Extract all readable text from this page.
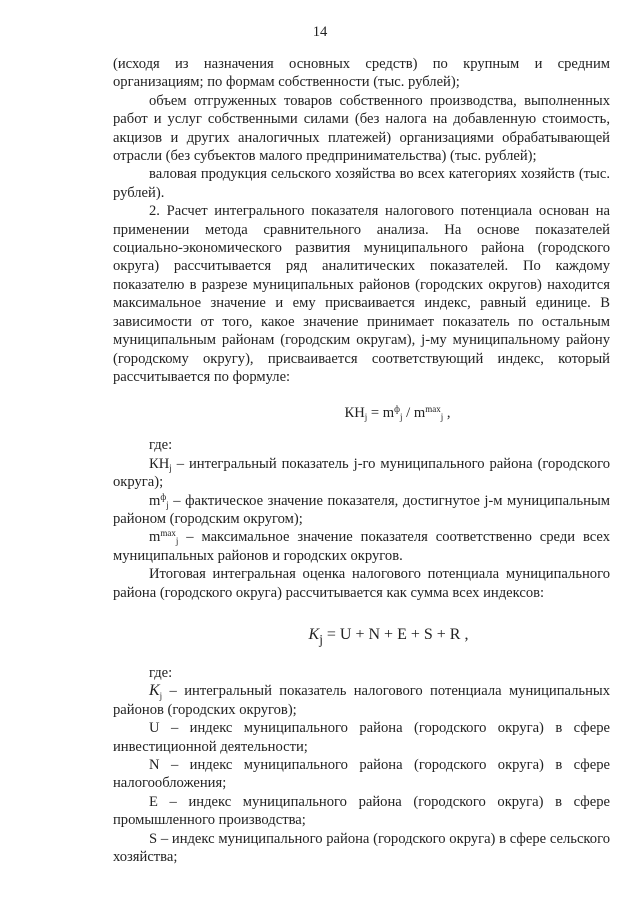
14

(исходя из назначения основных средств) по крупным и средним организациям; по формам собственности (тыс. рублей);

объем отгруженных товаров собственного производства, выполненных работ и услуг собственными силами (без налога на добавленную стоимость, акцизов и других аналогичных платежей) организациями обрабатывающей отрасли (без субъектов малого предпринимательства) (тыс. рублей);

валовая продукция сельского хозяйства во всех категориях хозяйств (тыс. рублей).

2. Расчет интегрального показателя налогового потенциала основан на применении метода сравнительного анализа. На основе показателей социально-экономического развития муниципального района (городского округа) рассчитывается ряд аналитических показателей. По каждому показателю в разрезе муниципальных районов (городских округов) находится максимальное значение и ему присваивается индекс, равный единице. В зависимости от того, какое значение принимает показатель по остальным муниципальным районам (городским округам), j-му муниципальному району (городскому округу), присваивается соответствующий индекс, который рассчитывается по формуле:

$КН_j = m^ф_j / m^{max}_j$ ,

где:

$КН_j$ – интегральный показатель j-го муниципального района (городского округа);

$m^ф_j$ – фактическое значение показателя, достигнутое j-м муниципальным районом (городским округом);

$m^{max}_j$ – максимальное значение показателя соответственно среди всех муниципальных районов и городских округов.

Итоговая интегральная оценка налогового потенциала муниципального района (городского округа) рассчитывается как сумма всех индексов:

$K_j = U + N + E + S + R$ ,

где:

$K_j$ – интегральный показатель налогового потенциала муниципальных районов (городских округов);

U – индекс муниципального района (городского округа) в сфере инвестиционной деятельности;

N – индекс муниципального района (городского округа) в сфере налогообложения;

E – индекс муниципального района (городского округа) в сфере промышленного производства;

S – индекс муниципального района (городского округа) в сфере сельского хозяйства;
